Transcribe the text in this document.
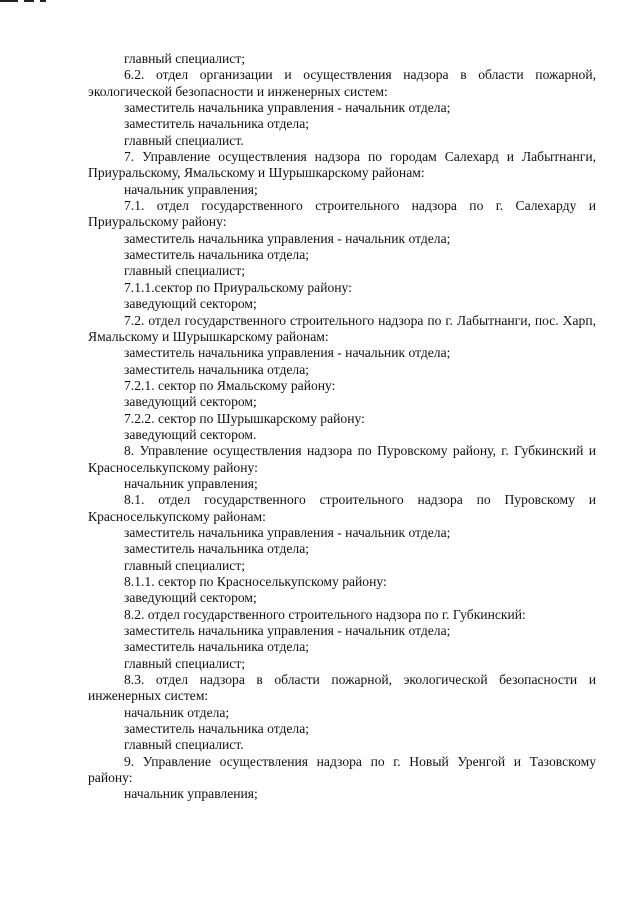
главный специалист;

6.2. отдел организации и осуществления надзора в области пожарной, экологической безопасности и инженерных систем:

заместитель начальника управления - начальник отдела;

заместитель начальника отдела;

главный специалист.

7. Управление осуществления надзора по городам Салехард и Лабытнанги, Приуральскому, Ямальскому и Шурышкарскому районам:

начальник управления;

7.1. отдел государственного строительного надзора по г. Салехарду и Приуральскому району:

заместитель начальника управления - начальник отдела;

заместитель начальника отдела;

главный специалист;

7.1.1.сектор по Приуральскому району:

заведующий сектором;

7.2. отдел государственного строительного надзора по г. Лабытнанги, пос. Харп, Ямальскому и Шурышкарскому районам:

заместитель начальника управления - начальник отдела;

заместитель начальника отдела;

7.2.1. сектор по Ямальскому району:

заведующий сектором;

7.2.2. сектор по Шурышкарскому району:

заведующий сектором.

8. Управление осуществления надзора по Пуровскому району, г. Губкинский и Красноселькупскому району:

начальник управления;

8.1. отдел государственного строительного надзора по Пуровскому и Красноселькупскому районам:

заместитель начальника управления - начальник отдела;

заместитель начальника отдела;

главный специалист;

8.1.1. сектор по Красноселькупскому району:

заведующий сектором;

8.2. отдел государственного строительного надзора по г. Губкинский:

заместитель начальника управления - начальник отдела;

заместитель начальника отдела;

главный специалист;

8.3. отдел надзора в области пожарной, экологической безопасности и инженерных систем:

начальник отдела;

заместитель начальника отдела;

главный специалист.

9. Управление осуществления надзора по г. Новый Уренгой и Тазовскому району:

начальник управления;
